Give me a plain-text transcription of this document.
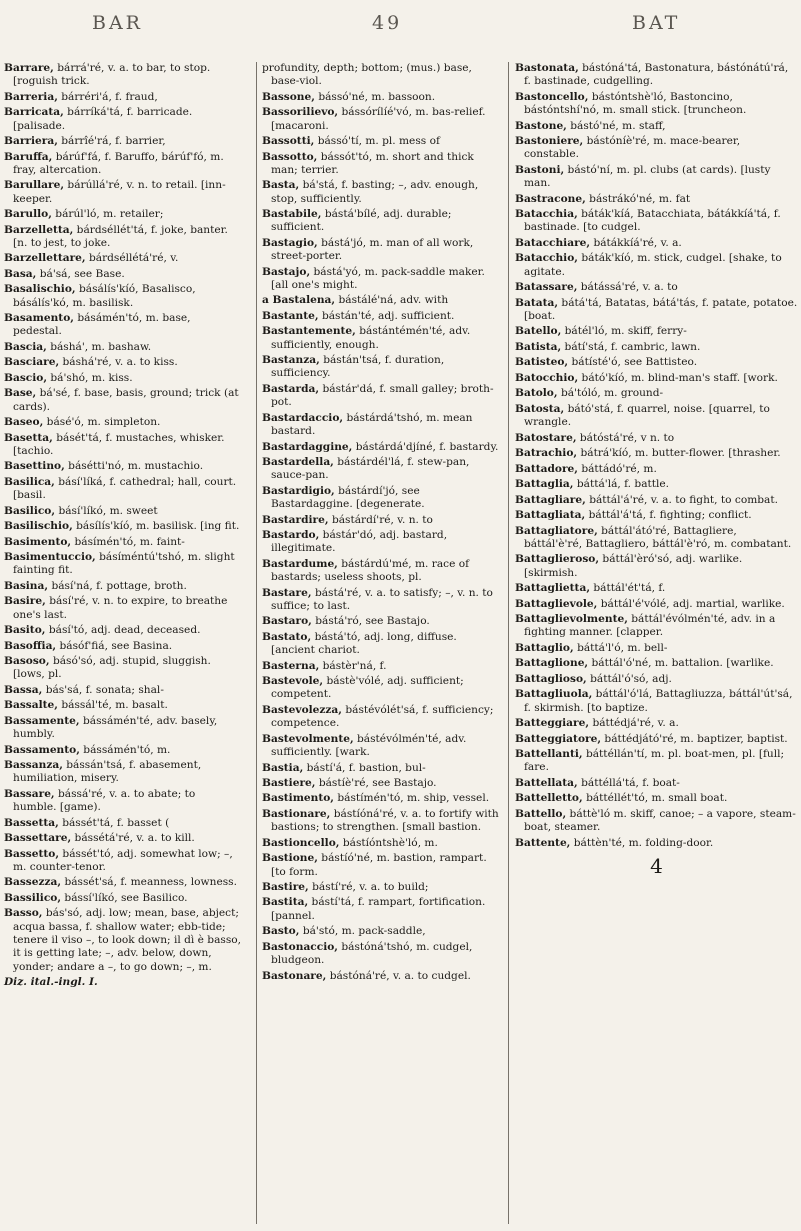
BAR	49	BAT

Barrare, bárrá'ré, v. a. to bar, to stop. [roguish trick.

Barreria, bárréri'á, f. fraud,

Barricata, bárríká'tá, f. barricade. [palisade.

Barriera, bárrîé'rá, f. barrier,

Baruffa, bárúf'fá, f. Baruffo, bárúf'fó, m. fray, altercation.

Barullare, bárúllá'ré, v. n. to retail. [inn-keeper.

Barullo, bárúl'ló, m. retailer;

Barzelletta, bárdséllét'tá, f. joke, banter. [n. to jest, to joke.

Barzellettare, bárdséllétá'ré, v.

Basa, bá'sá, see Base.

Basalischio, básálís'kíó, Basalisco, básálís'kó, m. basilisk.

Basamento, básámén'tó, m. base, pedestal.

Bascia, báshá', m. bashaw.

Basciare, báshá'ré, v. a. to kiss.

Bascio, bá'shó, m. kiss.

Base, bá'sé, f. base, basis, ground; trick (at cards).

Baseo, básé'ó, m. simpleton.

Basetta, básét'tá, f. mustaches, whisker. [tachio.

Basettino, básétti'nó, m. mustachio.

Basilica, básí'líká, f. cathedral; hall, court. [basil.

Basilico, básí'líkó, m. sweet

Basilischio, básílís'kíó, m. basilisk. [ing fit.

Basimento, básímén'tó, m. faint-

Basimentuccio, básíméntú'tshó, m. slight fainting fit.

Basina, básí'ná, f. pottage, broth.

Basire, básí'ré, v. n. to expire, to breathe one's last.

Basito, básí'tó, adj. dead, deceased.

Basoffia, básóf'fiá, see Basina.

Basoso, básó'só, adj. stupid, sluggish. [lows, pl.

Bassa, bás'sá, f. sonata; shal-

Bassalte, bássál'té, m. basalt.

Bassamente, bássámén'té, adv. basely, humbly.

Bassamento, bássámén'tó, m.

Bassanza, bássán'tsá, f. abasement, humiliation, misery.

Bassare, bássá'ré, v. a. to abate; to humble. [game).

Bassetta, bássét'tá, f. basset (

Bassettare, bássétá'ré, v. a. to kill.

Bassetto, bássét'tó, adj. somewhat low; –, m. counter-tenor.

Bassezza, bássét'sá, f. meanness, lowness.

Bassilico, bássí'líkó, see Basilico.

Basso, bás'só, adj. low; mean, base, abject; acqua bassa, f. shallow water; ebb-tide; tenere il viso –, to look down; il dì è basso, it is getting late; –, adv. below, down, yonder; andare a –, to go down; –, m.

Diz. ital.-ingl. I.

profundity, depth; bottom; (mus.) base, base-viol.

Bassone, bássó'né, m. bassoon.

Bassorilievo, bássórílíé'vó, m. bas-relief. [macaroni.

Bassotti, bássó'tí, m. pl. mess of

Bassotto, bássót'tó, m. short and thick man; terrier.

Basta, bá'stá, f. basting; –, adv. enough, stop, sufficiently.

Bastabile, bástá'bílé, adj. durable; sufficient.

Bastagio, bástá'jó, m. man of all work, street-porter.

Bastajo, bástá'yó, m. pack-saddle maker. [all one's might.

a Bastalena, bástálé'ná, adv. with

Bastante, bástán'té, adj. sufficient.

Bastantemente, bástántémén'té, adv. sufficiently, enough.

Bastanza, bástán'tsá, f. duration, sufficiency.

Bastarda, bástár'dá, f. small galley; broth-pot.

Bastardaccio, bástárdá'tshó, m. mean bastard.

Bastardaggine, bástárdá'djíné, f. bastardy.

Bastardella, bástárdél'lá, f. stew-pan, sauce-pan.

Bastardigio, bástárdí'jó, see Bastardaggine. [degenerate.

Bastardire, bástárdí'ré, v. n. to

Bastardo, bástár'dó, adj. bastard, illegitimate.

Bastardume, bástárdú'mé, m. race of bastards; useless shoots, pl.

Bastare, bástá'ré, v. a. to satisfy; –, v. n. to suffice; to last.

Bastaro, bástá'ró, see Bastajo.

Bastato, bástá'tó, adj. long, diffuse. [ancient chariot.

Basterna, bástèr'ná, f.

Bastevole, bástè'vólé, adj. sufficient; competent.

Bastevolezza, bástévólét'sá, f. sufficiency; competence.

Bastevolmente, bástévólmén'té, adv. sufficiently. [wark.

Bastia, bástí'á, f. bastion, bul-

Bastiere, bástíè'ré, see Bastajo.

Bastimento, bástímén'tó, m. ship, vessel.

Bastionare, bástíóná'ré, v. a. to fortify with bastions; to strengthen. [small bastion.

Bastioncello, bástíóntshè'ló, m.

Bastione, bástíó'né, m. bastion, rampart. [to form.

Bastire, bástí'ré, v. a. to build;

Bastita, bástí'tá, f. rampart, fortification. [pannel.

Basto, bá'stó, m. pack-saddle,

Bastonaccio, bástóná'tshó, m. cudgel, bludgeon.

Bastonare, bástóná'ré, v. a. to cudgel.

Bastonata, bástóná'tá, Bastonatura, bástónátú'rá, f. bastinade, cudgelling.

Bastoncello, bástóntshè'ló, Bastoncino, bástóntshí'nó, m. small stick. [truncheon.

Bastone, bástó'né, m. staff,

Bastoniere, bástóníè'ré, m. mace-bearer, constable.

Bastoni, bástó'ní, m. pl. clubs (at cards). [lusty man.

Bastracone, bástrákó'né, m. fat

Batacchia, báták'kíá, Batacchiata, bátákkíá'tá, f. bastinade. [to cudgel.

Batacchiare, bátákkíá'ré, v. a.

Batacchio, báták'kíó, m. stick, cudgel. [shake, to agitate.

Batassare, bátássá'ré, v. a. to

Batata, bátá'tá, Batatas, bátá'tás, f. patate, potatoe. [boat.

Batello, bátél'ló, m. skiff, ferry-

Batista, bátí'stá, f. cambric, lawn.

Batisteo, bátísté'ó, see Battisteo.

Batocchio, bátó'kíó, m. blind-man's staff. [work.

Batolo, bá'tóló, m. ground-

Batosta, bátó'stá, f. quarrel, noise. [quarrel, to wrangle.

Batostare, bátóstá'ré, v n. to

Batrachio, bátrá'kíó, m. butter-flower. [thrasher.

Battadore, báttádó'ré, m.

Battaglia, báttá'lá, f. battle.

Battagliare, báttál'á'ré, v. a. to fight, to combat.

Battagliata, báttál'á'tá, f. fighting; conflict.

Battagliatore, báttál'átó'ré, Battagliere, báttál'è'ré, Battagliero, báttál'è'ró, m. combatant.

Battaglieroso, báttál'èró'só, adj. warlike. [skirmish.

Battaglietta, báttál'ét'tá, f.

Battaglievole, báttál'é'vólé, adj. martial, warlike.

Battaglievolmente, báttál'évólmén'té, adv. in a fighting manner. [clapper.

Battaglio, báttá'l'ó, m. bell-

Battaglione, báttál'ó'né, m. battalion. [warlike.

Battaglioso, báttál'ó'só, adj.

Battagliuola, báttál'ó'lá, Battagliuzza, báttál'út'sá, f. skirmish. [to baptize.

Batteggiare, báttédjá'ré, v. a.

Batteggiatore, báttédjátó'ré, m. baptizer, baptist.

Battellanti, báttéllán'tí, m. pl. boat-men, pl. [full; fare.

Battellata, báttéllá'tá, f. boat-

Battelletto, báttéllét'tó, m. small boat.

Battello, báttè'ló m. skiff, canoe; – a vapore, steam-boat, steamer.

Battente, báttèn'té, m. folding-door.

4
